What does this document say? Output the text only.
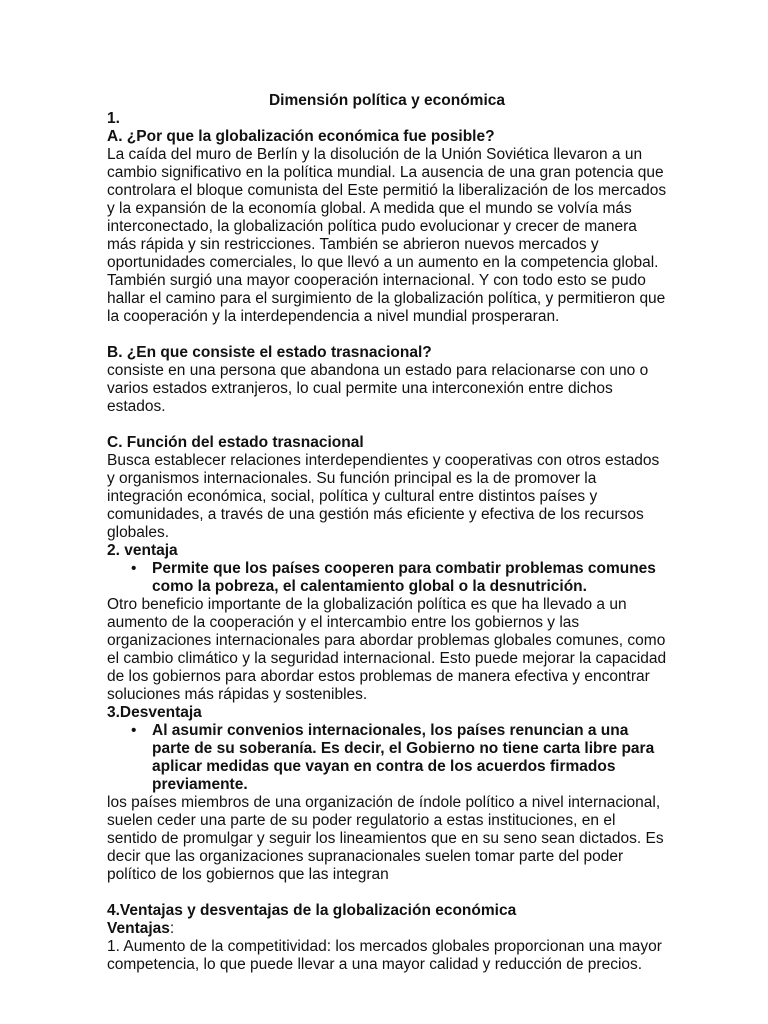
Dimensión política y económica

1.

A. ¿Por que la globalización económica fue posible?

La caída del muro de Berlín y la disolución de la Unión Soviética llevaron a un cambio significativo en la política mundial. La ausencia de una gran potencia que controlara el bloque comunista del Este permitió la liberalización de los mercados y la expansión de la economía global. A medida que el mundo se volvía más interconectado, la globalización política pudo evolucionar y crecer de manera más rápida y sin restricciones. También se abrieron nuevos mercados y oportunidades comerciales, lo que llevó a un aumento en la competencia global. También surgió una mayor cooperación internacional. Y con todo esto se pudo hallar el camino para el surgimiento de la globalización política, y permitieron que la cooperación y la interdependencia a nivel mundial prosperaran.

B. ¿En que consiste el estado trasnacional?

consiste en una persona que abandona un estado para relacionarse con uno o varios estados extranjeros, lo cual permite una interconexión entre dichos estados.

C. Función del estado trasnacional

Busca establecer relaciones interdependientes y cooperativas con otros estados y organismos internacionales. Su función principal es la de promover la integración económica, social, política y cultural entre distintos países y comunidades, a través de una gestión más eficiente y efectiva de los recursos globales.

2. ventaja

• Permite que los países cooperen para combatir problemas comunes como la pobreza, el calentamiento global o la desnutrición.

Otro beneficio importante de la globalización política es que ha llevado a un aumento de la cooperación y el intercambio entre los gobiernos y las organizaciones internacionales para abordar problemas globales comunes, como el cambio climático y la seguridad internacional. Esto puede mejorar la capacidad de los gobiernos para abordar estos problemas de manera efectiva y encontrar soluciones más rápidas y sostenibles.

3.Desventaja

• Al asumir convenios internacionales, los países renuncian a una parte de su soberanía. Es decir, el Gobierno no tiene carta libre para aplicar medidas que vayan en contra de los acuerdos firmados previamente.

los países miembros de una organización de índole político a nivel internacional, suelen ceder una parte de su poder regulatorio a estas instituciones, en el sentido de promulgar y seguir los lineamientos que en su seno sean dictados. Es decir que las organizaciones supranacionales suelen tomar parte del poder político de los gobiernos que las integran

4.Ventajas y desventajas de la globalización económica

Ventajas:

1. Aumento de la competitividad: los mercados globales proporcionan una mayor competencia, lo que puede llevar a una mayor calidad y reducción de precios.
